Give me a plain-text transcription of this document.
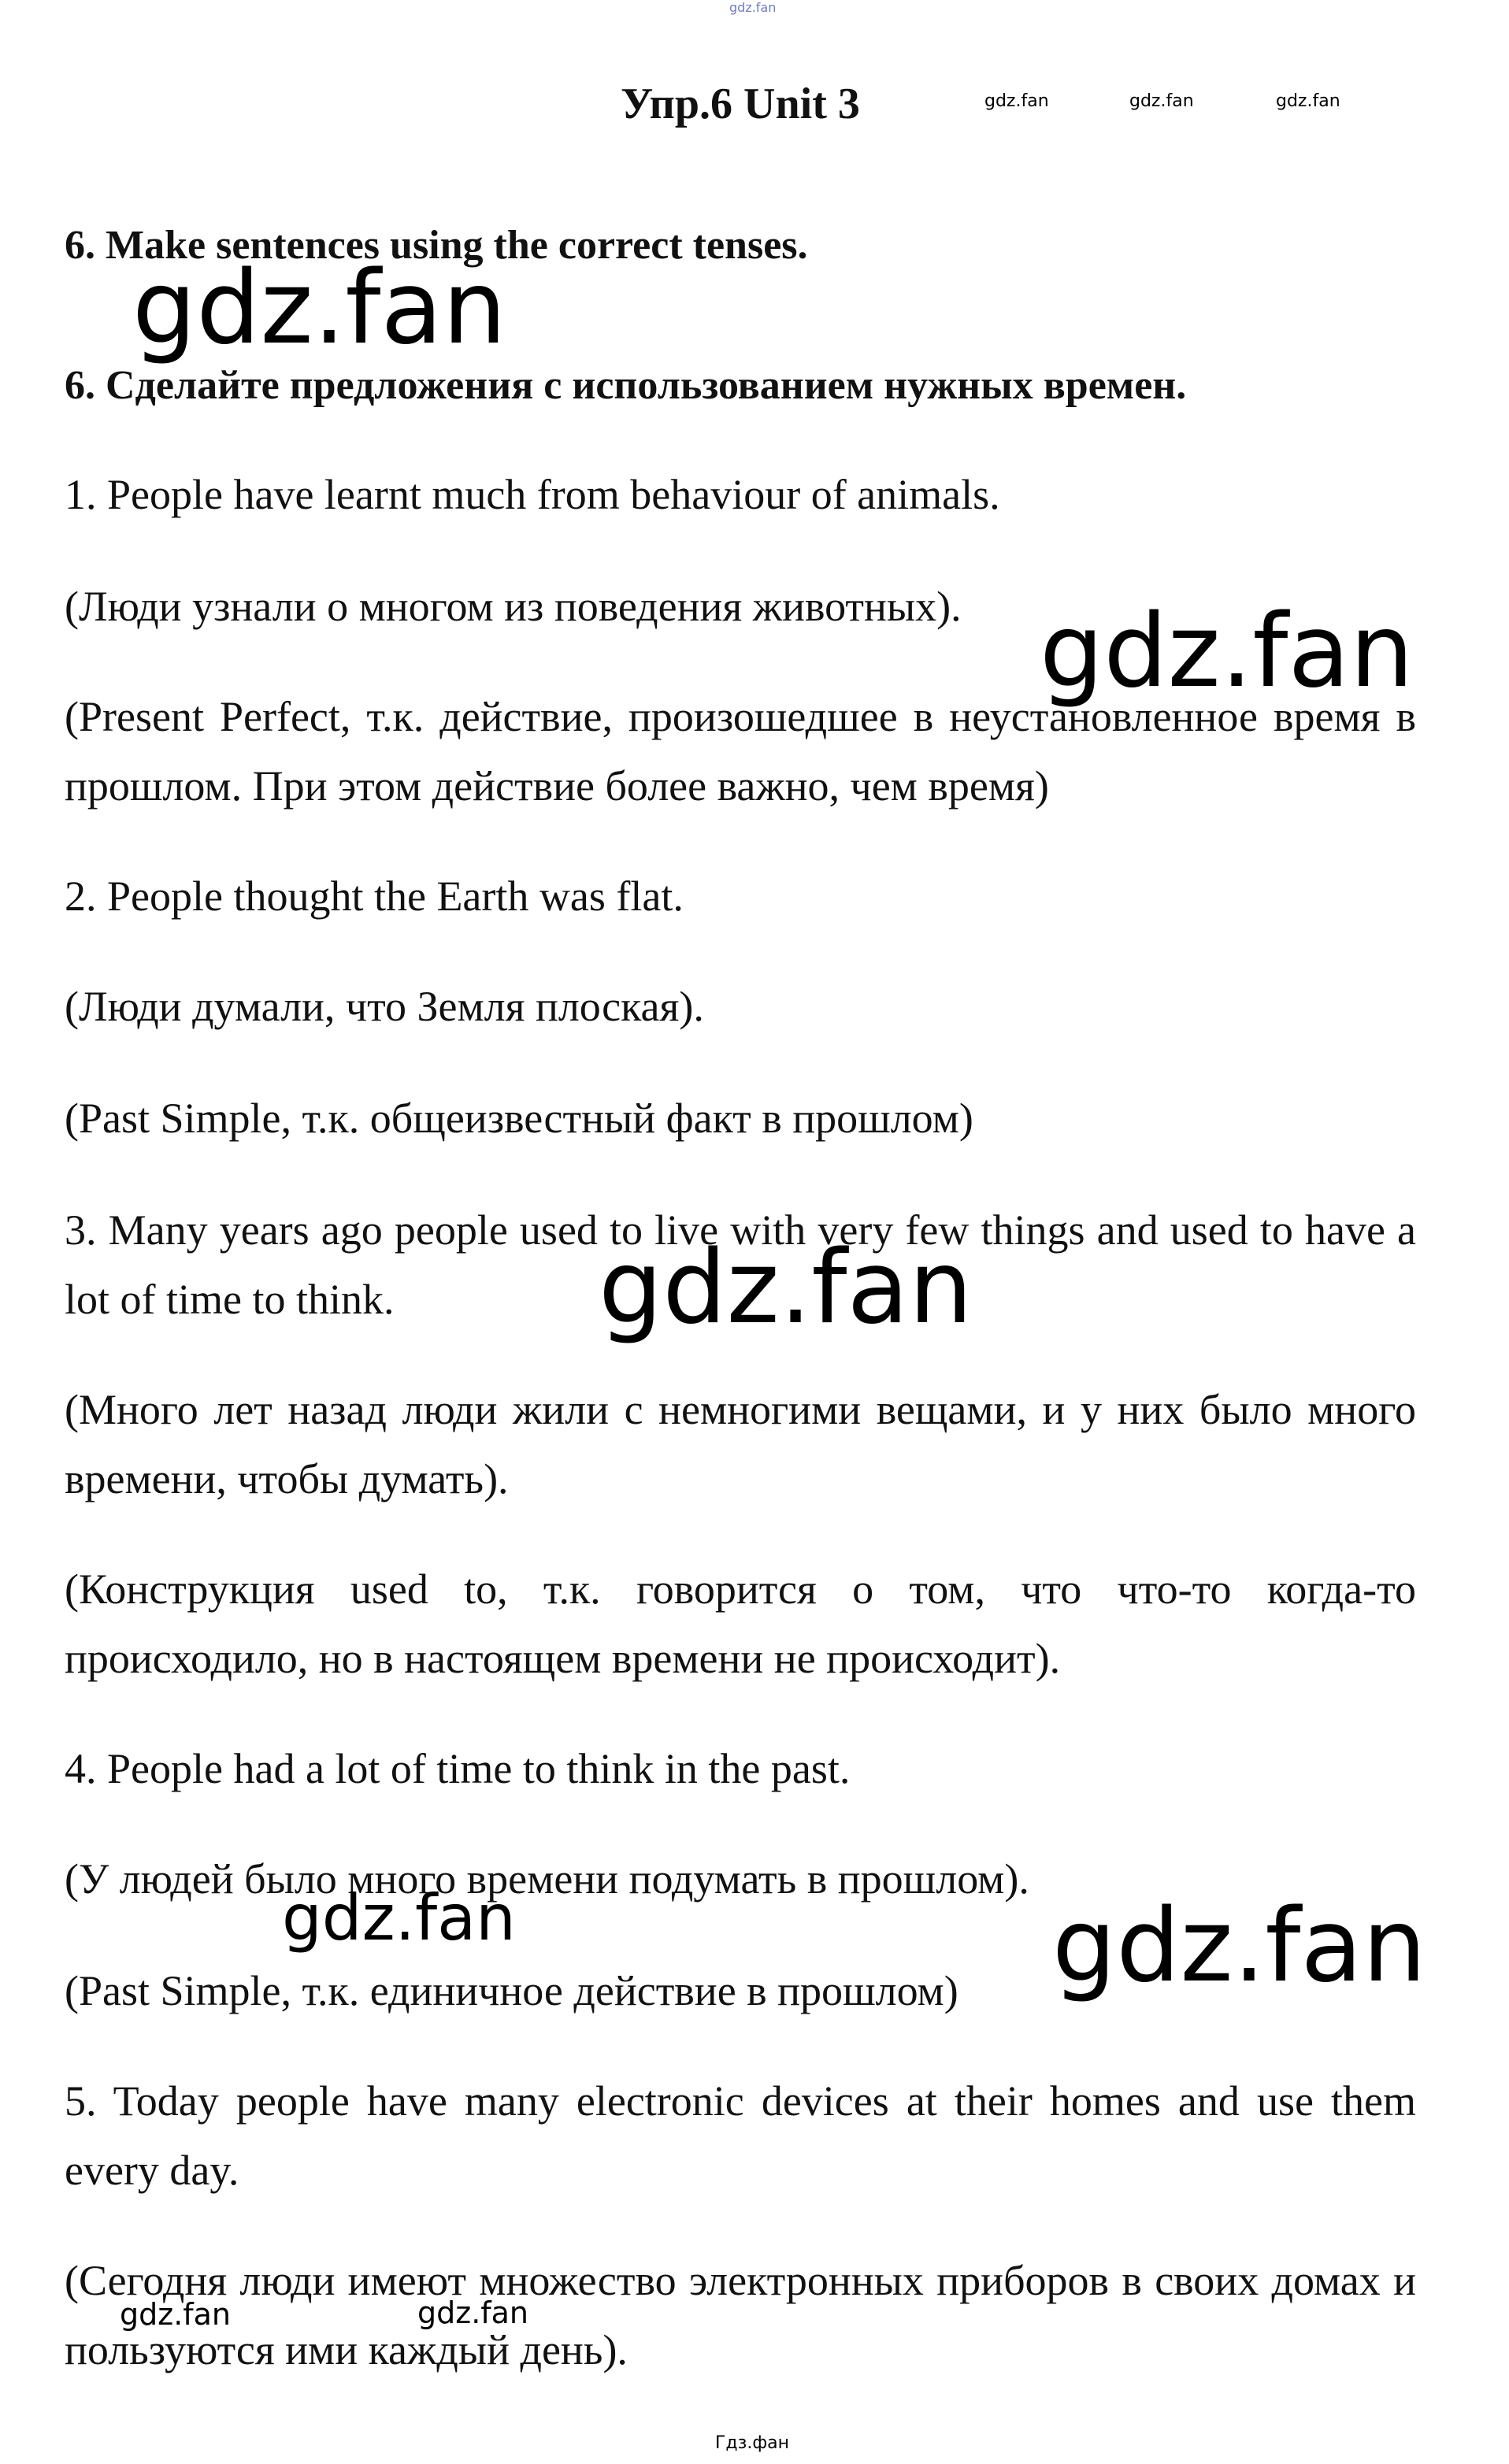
gdz.fan
Упр.6 Unit 3	gdz.fan	gdz.fan	gdz.fan

6. Make sentences using the correct tenses.

6. Сделайте предложения с использованием нужных времен.

1. People have learnt much from behaviour of animals.

(Люди узнали о многом из поведения животных).

(Present Perfect, т.к. действие, произошедшее в неустановленное время в прошлом. При этом действие более важно, чем время)

2. People thought the Earth was flat.

(Люди думали, что Земля плоская).

(Past Simple, т.к. общеизвестный факт в прошлом)

3. Many years ago people used to live with very few things and used to have a lot of time to think.

(Много лет назад люди жили с немногими вещами, и у них было много времени, чтобы думать).

(Конструкция used to, т.к. говорится о том, что что-то когда-то происходило, но в настоящем времени не происходит).

4. People had a lot of time to think in the past.

(У людей было много времени подумать в прошлом).

(Past Simple, т.к. единичное действие в прошлом)

5. Today people have many electronic devices at their homes and use them every day.

(Сегодня люди имеют множество электронных приборов в своих домах и пользуются ими каждый день).

gdz.fan
gdz.fan
gdz.fan
gdz.fan
gdz.fan
gdz.fan	gdz.fan
Гдз.фан
